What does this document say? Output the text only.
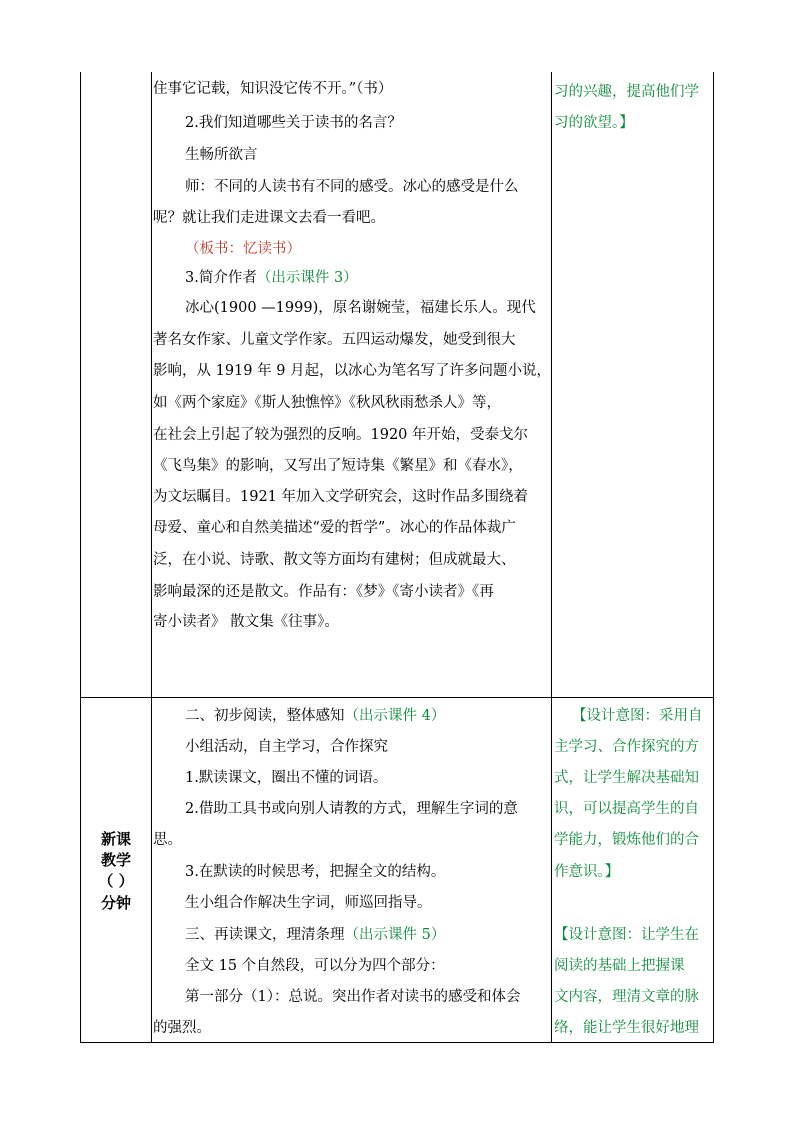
住事它记载，知识没它传不开。”（书）
2.我们知道哪些关于读书的名言？
生畅所欲言
师：不同的人读书有不同的感受。冰心的感受是什么
呢？就让我们走进课文去看一看吧。
（板书：忆读书）
3.简介作者（出示课件 3）
冰心(1900 —1999)，原名谢婉莹，福建长乐人。现代
著名女作家、儿童文学作家。五四运动爆发，她受到很大
影响，从 1919 年 9 月起，以冰心为笔名写了许多问题小说，
如《两个家庭》《斯人独憔悴》《秋风秋雨愁杀人》等，
在社会上引起了较为强烈的反响。1920 年开始，受泰戈尔
《飞鸟集》的影响，又写出了短诗集《繁星》和《春水》，
为文坛瞩目。1921 年加入文学研究会，这时作品多围绕着
母爱、童心和自然美描述“爱的哲学”。冰心的作品体裁广
泛，在小说、诗歌、散文等方面均有建树；但成就最大、
影响最深的还是散文。作品有：《梦》《寄小读者》《再
寄小读者》 散文集《往事》。
习的兴趣，提高他们学
习的欲望。】
新课
教学
（ ）
分钟
二、初步阅读，整体感知（出示课件 4）
小组活动，自主学习，合作探究
1.默读课文，圈出不懂的词语。
2.借助工具书或向别人请教的方式，理解生字词的意
思。
3.在默读的时候思考，把握全文的结构。
生小组合作解决生字词，师巡回指导。
三、再读课文，理清条理（出示课件 5）
全文 15 个自然段，可以分为四个部分：
第一部分（1）：总说。突出作者对读书的感受和体会
的强烈。
【设计意图：采用自
主学习、合作探究的方
式，让学生解决基础知
识，可以提高学生的自
学能力，锻炼他们的合
作意识。】
【设计意图：让学生在
阅读的基础上把握课
文内容，理清文章的脉
络，能让学生很好地理
